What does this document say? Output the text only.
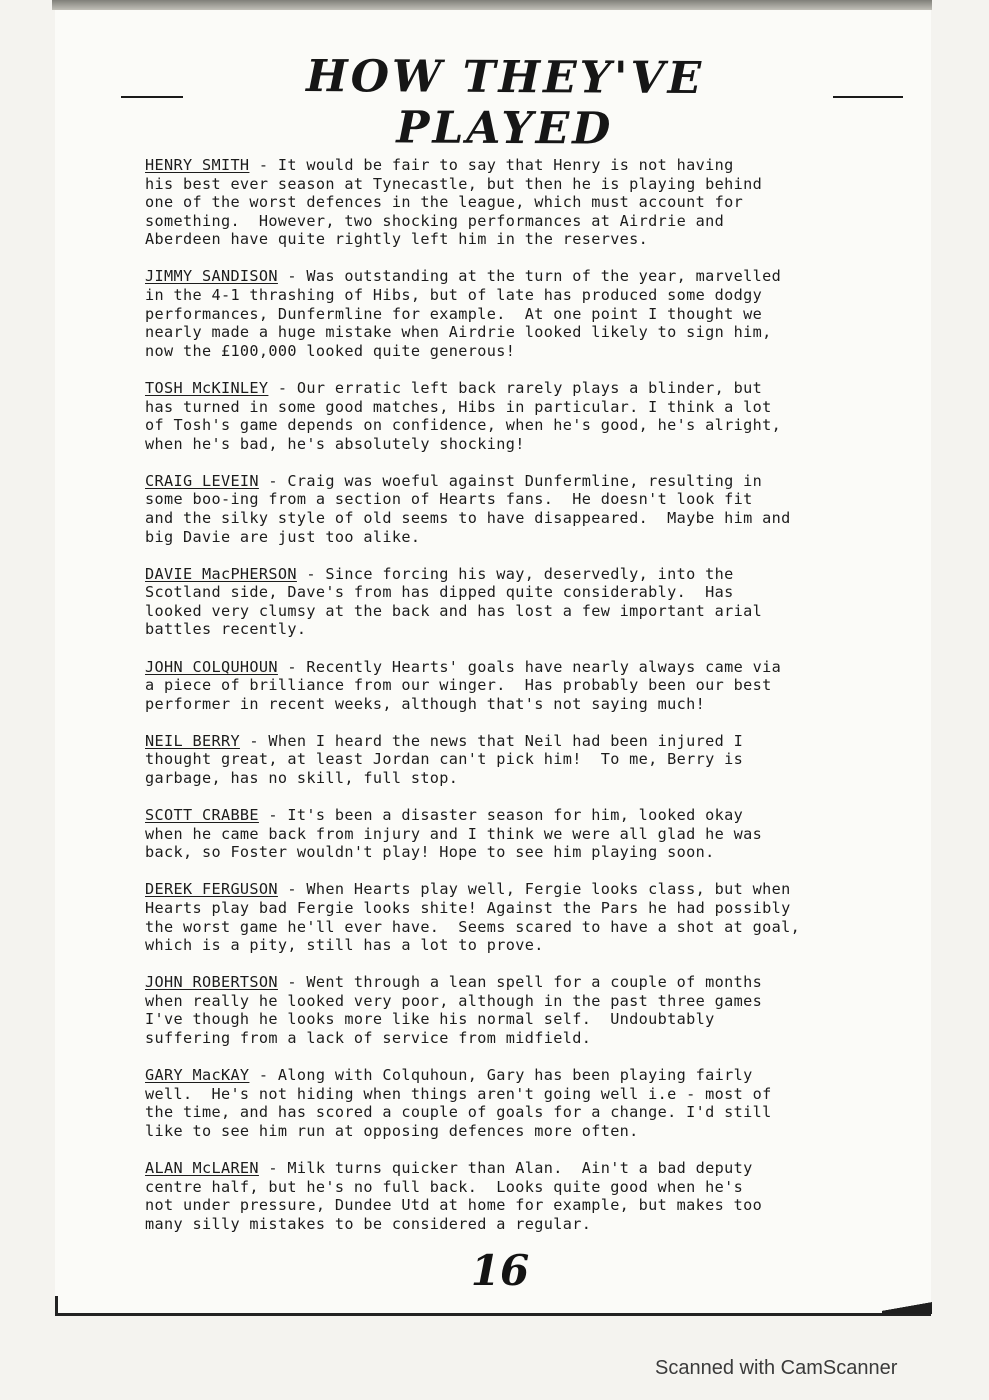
HOW THEY'VE PLAYED
HENRY SMITH - It would be fair to say that Henry is not having
his best ever season at Tynecastle, but then he is playing behind
one of the worst defences in the league, which must account for
something.  However, two shocking performances at Airdrie and
Aberdeen have quite rightly left him in the reserves.
JIMMY SANDISON - Was outstanding at the turn of the year, marvelled
in the 4-1 thrashing of Hibs, but of late has produced some dodgy
performances, Dunfermline for example.  At one point I thought we
nearly made a huge mistake when Airdrie looked likely to sign him,
now the £100,000 looked quite generous!
TOSH McKINLEY - Our erratic left back rarely plays a blinder, but
has turned in some good matches, Hibs in particular. I think a lot
of Tosh's game depends on confidence, when he's good, he's alright,
when he's bad, he's absolutely shocking!
CRAIG LEVEIN - Craig was woeful against Dunfermline, resulting in
some boo-ing from a section of Hearts fans.  He doesn't look fit
and the silky style of old seems to have disappeared.  Maybe him and
big Davie are just too alike.
DAVIE MacPHERSON - Since forcing his way, deservedly, into the
Scotland side, Dave's from has dipped quite considerably.  Has
looked very clumsy at the back and has lost a few important arial
battles recently.
JOHN COLQUHOUN - Recently Hearts' goals have nearly always came via
a piece of brilliance from our winger.  Has probably been our best
performer in recent weeks, although that's not saying much!
NEIL BERRY - When I heard the news that Neil had been injured I
thought great, at least Jordan can't pick him!  To me, Berry is
garbage, has no skill, full stop.
SCOTT CRABBE - It's been a disaster season for him, looked okay
when he came back from injury and I think we were all glad he was
back, so Foster wouldn't play! Hope to see him playing soon.
DEREK FERGUSON - When Hearts play well, Fergie looks class, but when
Hearts play bad Fergie looks shite! Against the Pars he had possibly
the worst game he'll ever have.  Seems scared to have a shot at goal,
which is a pity, still has a lot to prove.
JOHN ROBERTSON - Went through a lean spell for a couple of months
when really he looked very poor, although in the past three games
I've though he looks more like his normal self.  Undoubtably
suffering from a lack of service from midfield.
GARY MacKAY - Along with Colquhoun, Gary has been playing fairly
well.  He's not hiding when things aren't going well i.e - most of
the time, and has scored a couple of goals for a change. I'd still
like to see him run at opposing defences more often.
ALAN McLAREN - Milk turns quicker than Alan.  Ain't a bad deputy
centre half, but he's no full back.  Looks quite good when he's
not under pressure, Dundee Utd at home for example, but makes too
many silly mistakes to be considered a regular.
16
Scanned with CamScanner
